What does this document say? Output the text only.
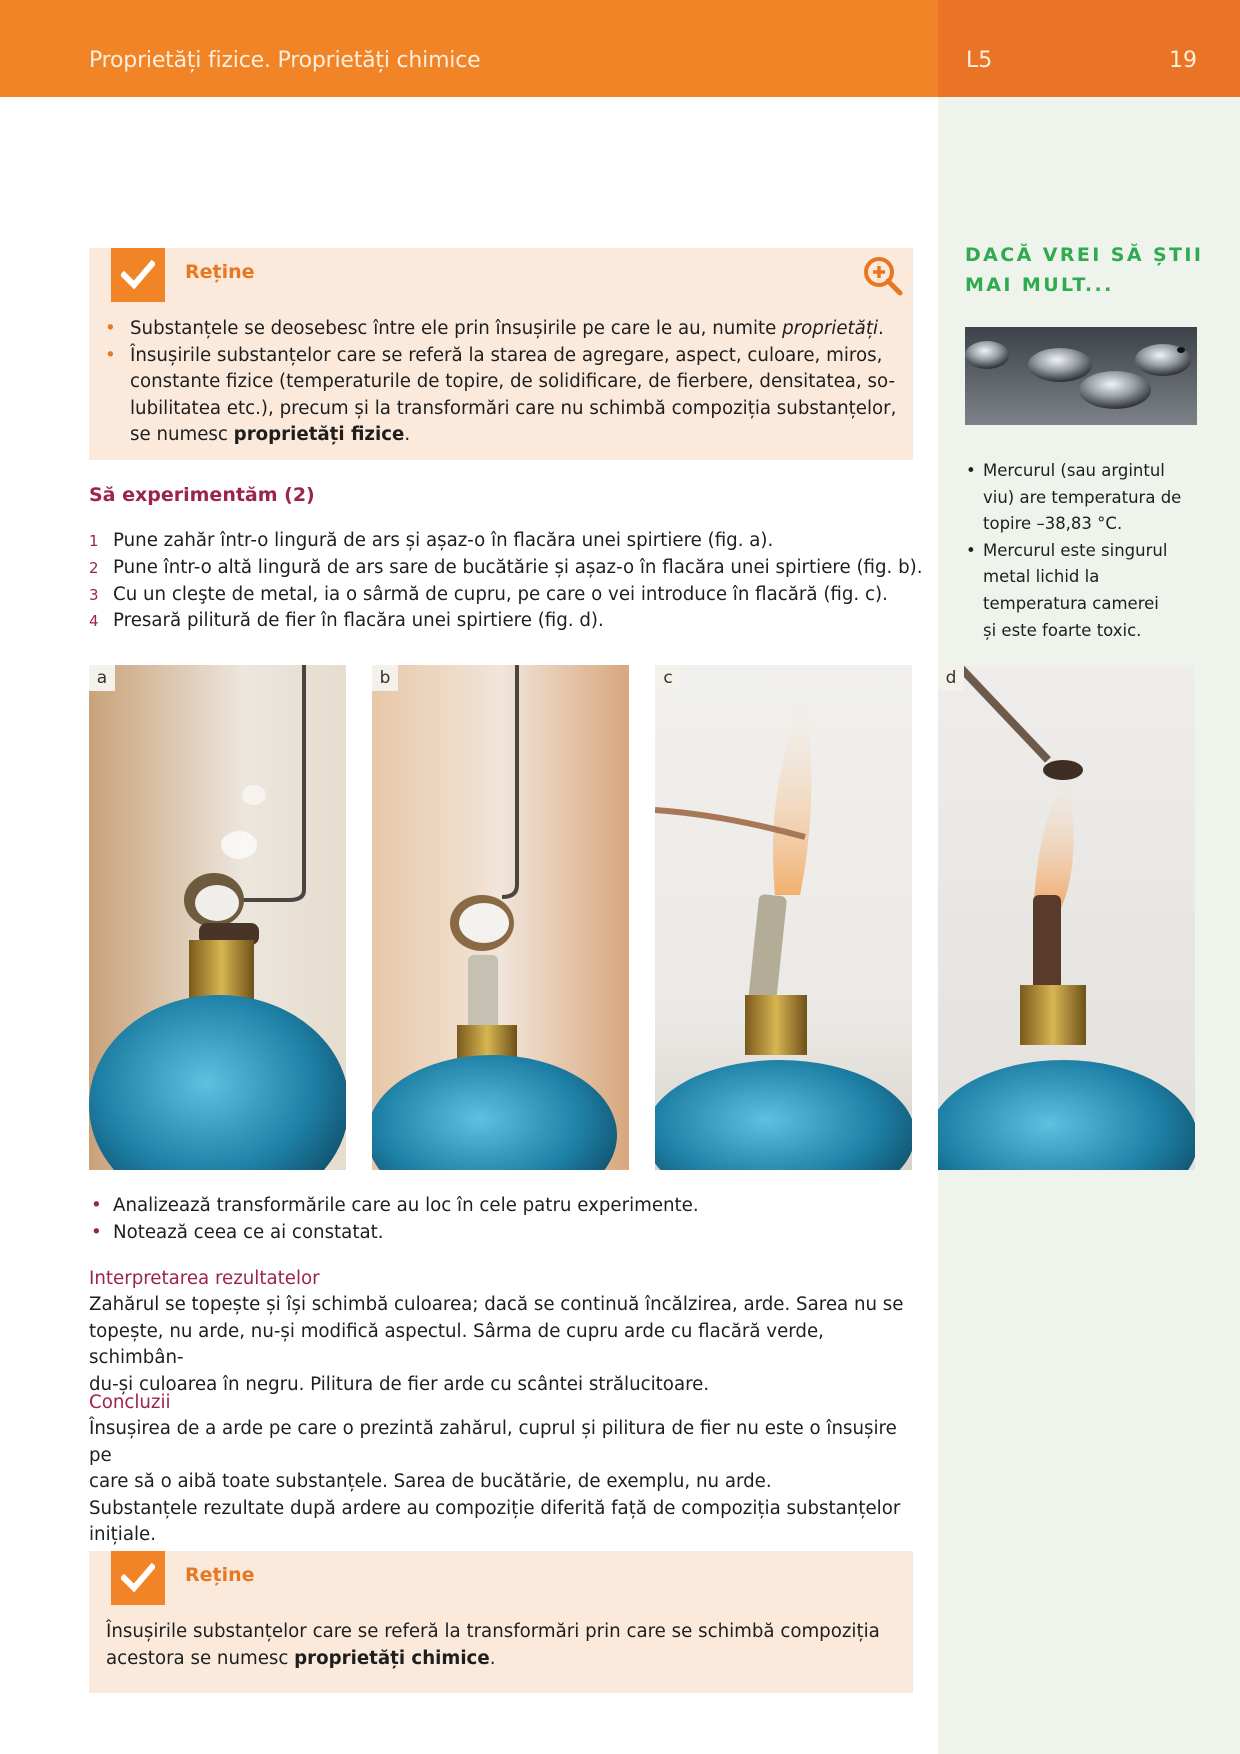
Proprietăți fizice. Proprietăți chimice	L5	19
DACĂ VREI SĂ ȘTII
MAI MULT...
• Mercurul (sau argintul
viu) are temperatura de
topire –38,83 °C.
• Mercurul este singurul
metal lichid la
temperatura camerei
și este foarte toxic.
Reține
• Substanțele se deosebesc între ele prin însușirile pe care le au, numite proprietăți.
• Însușirile substanțelor care se referă la starea de agregare, aspect, culoare, miros,
constante fizice (temperaturile de topire, de solidificare, de fierbere, densitatea, so-
lubilitatea etc.), precum și la transformări care nu schimbă compoziția substanțelor,
se numesc proprietăți fizice.
Să experimentăm (2)
1 Pune zahăr într-o lingură de ars și așaz-o în flacăra unei spirtiere (fig. a).
2 Pune într-o altă lingură de ars sare de bucătărie și așaz-o în flacăra unei spirtiere (fig. b).
3 Cu un cleşte de metal, ia o sârmă de cupru, pe care o vei introduce în flacără (fig. c).
4 Presară pilitură de fier în flacăra unei spirtiere (fig. d).
a	b	c	d
• Analizează transformările care au loc în cele patru experimente.
• Notează ceea ce ai constatat.
Interpretarea rezultatelor
Zahărul se topește și își schimbă culoarea; dacă se continuă încălzirea, arde. Sarea nu se
topește, nu arde, nu-și modifică aspectul. Sârma de cupru arde cu flacără verde, schimbân-
du-și culoarea în negru. Pilitura de fier arde cu scântei strălucitoare.
Concluzii
Însușirea de a arde pe care o prezintă zahărul, cuprul și pilitura de fier nu este o însușire pe
care să o aibă toate substanțele. Sarea de bucătărie, de exemplu, nu arde.
Substanțele rezultate după ardere au compoziție diferită față de compoziția substanțelor
inițiale.
Reține
Însușirile substanțelor care se referă la transformări prin care se schimbă compoziția
acestora se numesc proprietăți chimice.
